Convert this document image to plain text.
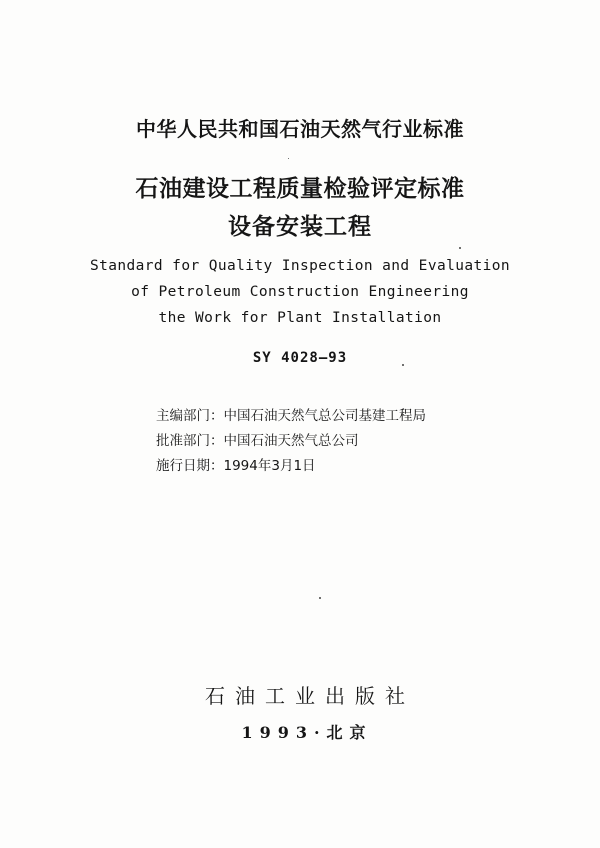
中华人民共和国石油天然气行业标准
石油建设工程质量检验评定标准
设备安装工程
Standard for Quality Inspection and Evaluation
of Petroleum Construction Engineering
the Work for Plant Installation
SY 4028—93
主编部门：中国石油天然气总公司基建工程局
批准部门：中国石油天然气总公司
施行日期：1994年3月1日
石油工业出版社
1993·北京
